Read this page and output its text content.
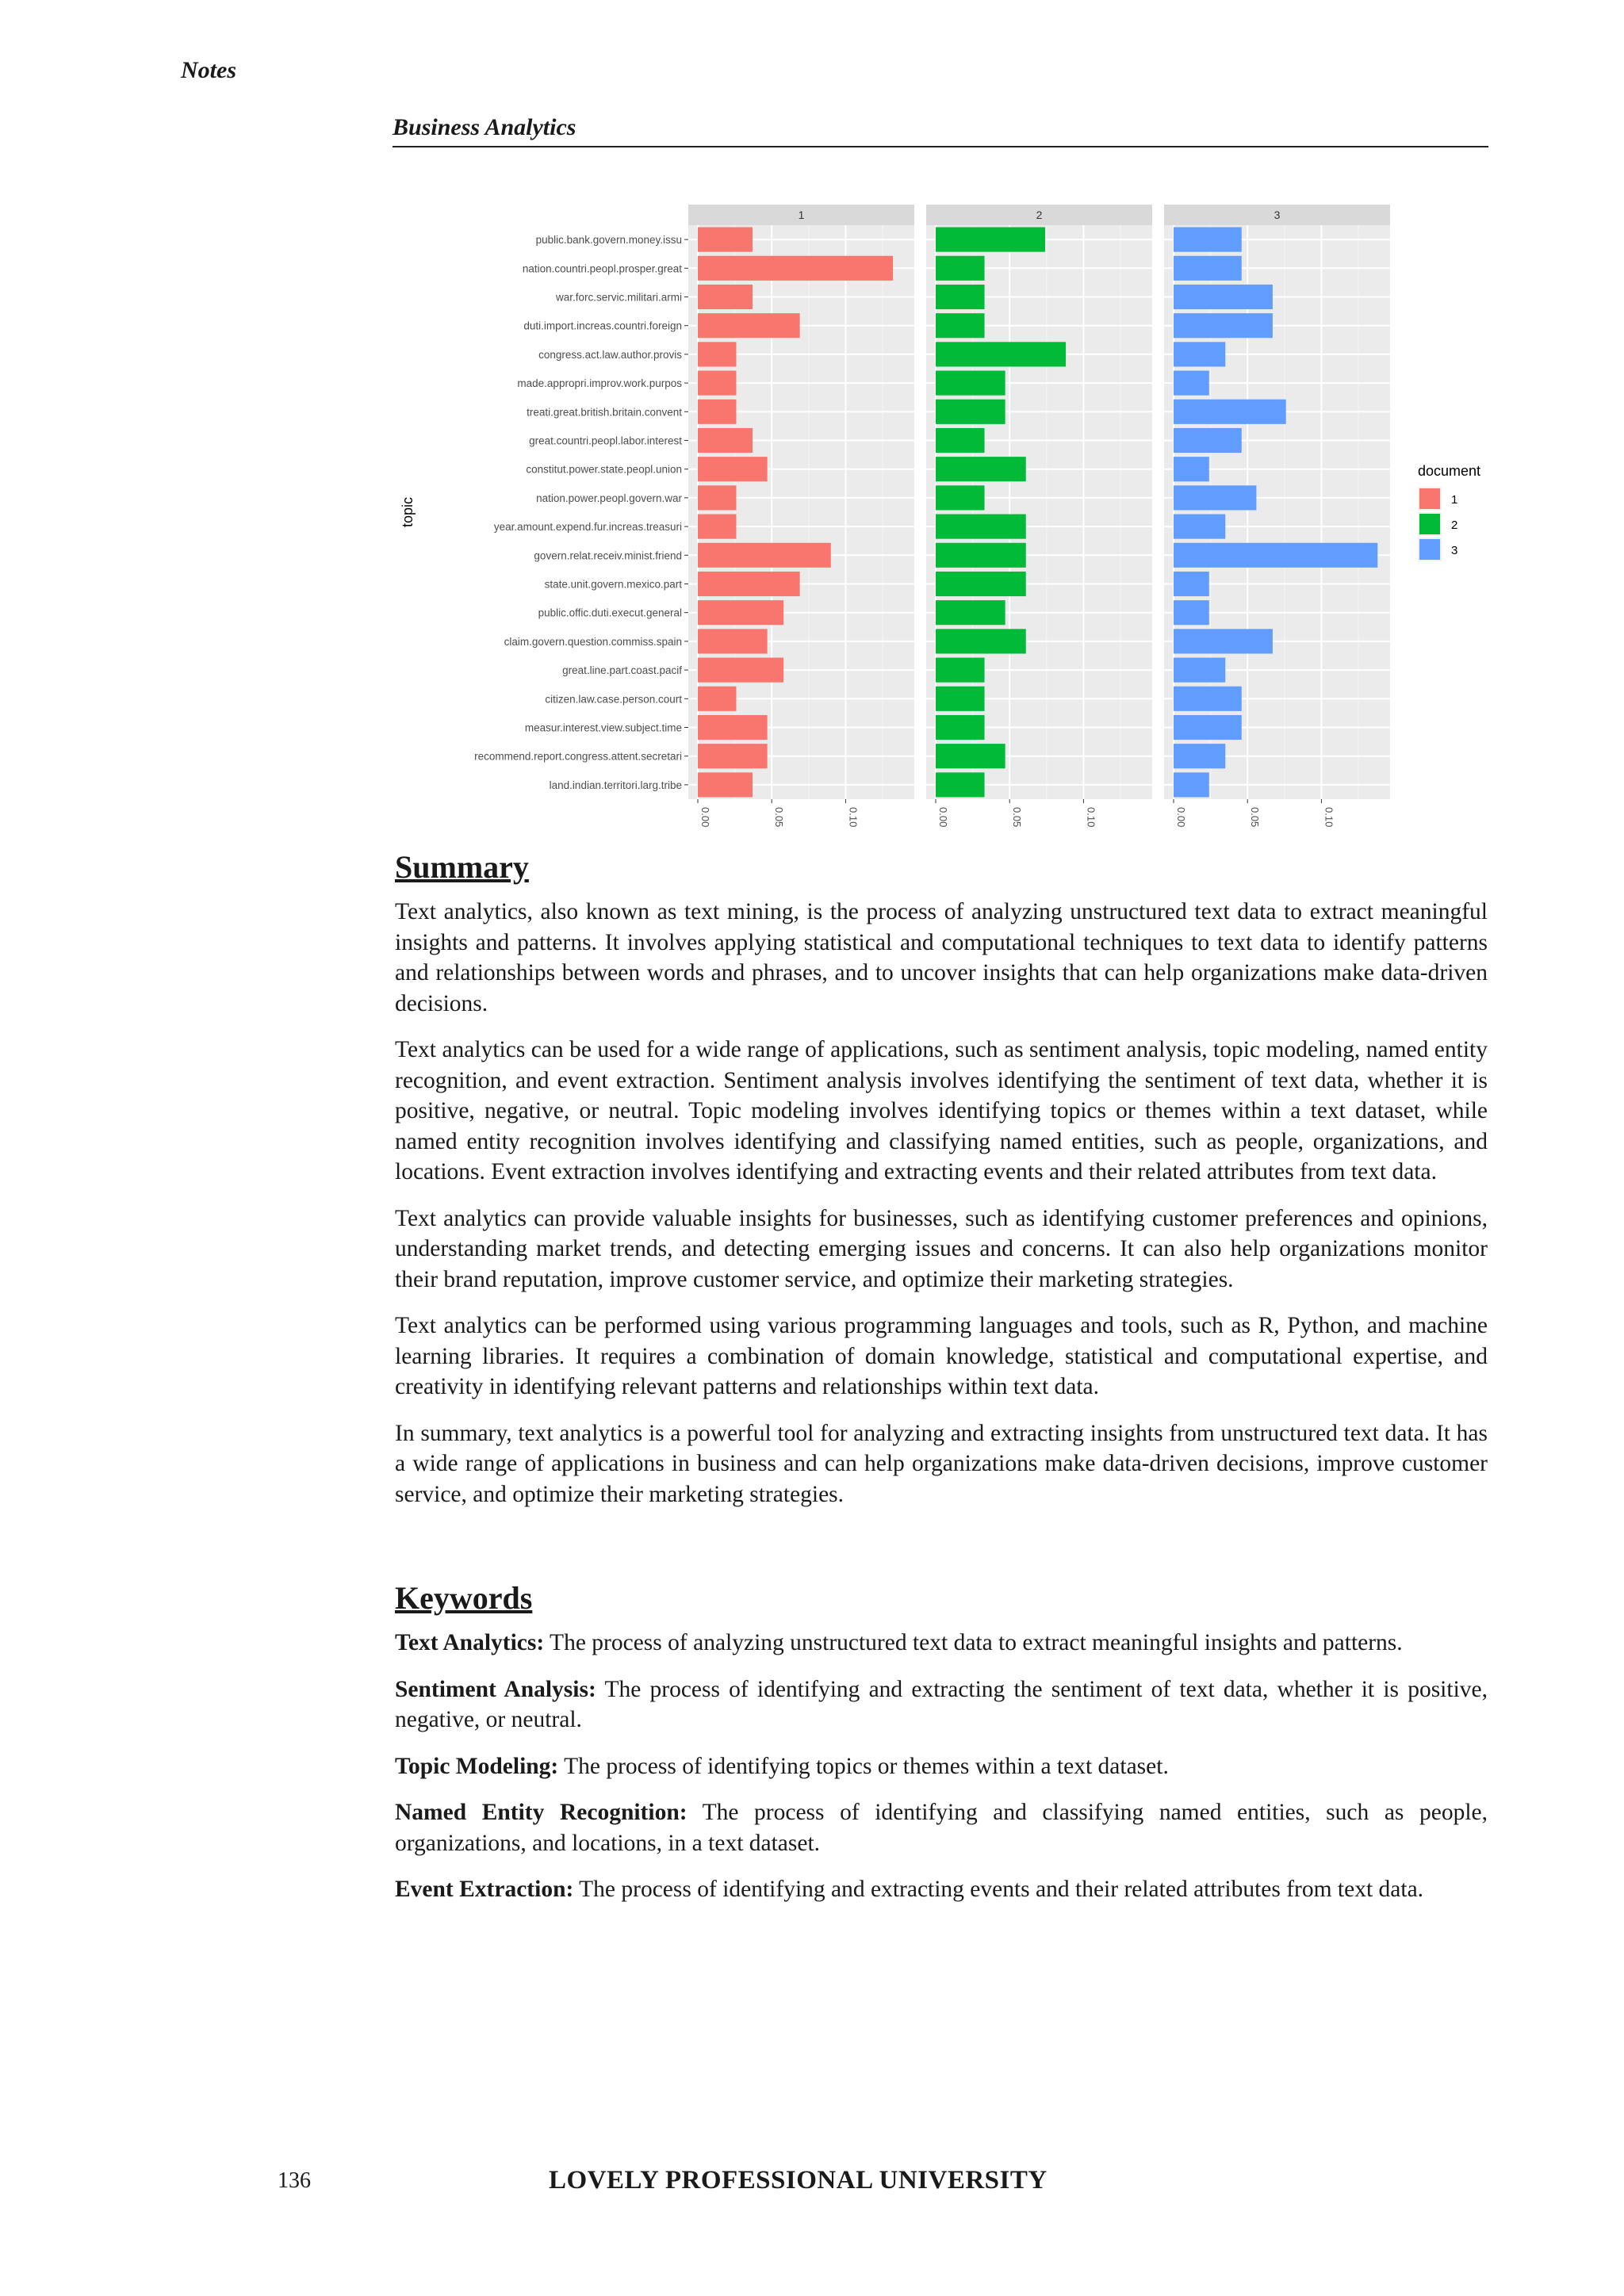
Notes
Business Analytics
1
0.00	0.05	0.10
2
0.00	0.05	0.10
3
0.00	0.05	0.10
public.bank.govern.money.issu
nation.countri.peopl.prosper.great
war.forc.servic.militari.armi
duti.import.increas.countri.foreign
congress.act.law.author.provis
made.appropri.improv.work.purpos
treati.great.british.britain.convent
great.countri.peopl.labor.interest
constitut.power.state.peopl.union
nation.power.peopl.govern.war
year.amount.expend.fur.increas.treasuri
govern.relat.receiv.minist.friend
state.unit.govern.mexico.part
public.offic.duti.execut.general
claim.govern.question.commiss.spain
great.line.part.coast.pacif
citizen.law.case.person.court
measur.interest.view.subject.time
recommend.report.congress.attent.secretari
land.indian.territori.larg.tribe
topic
document
1
2
3
Summary

Text analytics, also known as text mining, is the process of analyzing unstructured text data to extract meaningful insights and patterns. It involves applying statistical and computational techniques to text data to identify patterns and relationships between words and phrases, and to uncover insights that can help organizations make data-driven decisions.

Text analytics can be used for a wide range of applications, such as sentiment analysis, topic modeling, named entity recognition, and event extraction. Sentiment analysis involves identifying the sentiment of text data, whether it is positive, negative, or neutral. Topic modeling involves identifying topics or themes within a text dataset, while named entity recognition involves identifying and classifying named entities, such as people, organizations, and locations. Event extraction involves identifying and extracting events and their related attributes from text data.

Text analytics can provide valuable insights for businesses, such as identifying customer preferences and opinions, understanding market trends, and detecting emerging issues and concerns. It can also help organizations monitor their brand reputation, improve customer service, and optimize their marketing strategies.

Text analytics can be performed using various programming languages and tools, such as R, Python, and machine learning libraries. It requires a combination of domain knowledge, statistical and computational expertise, and creativity in identifying relevant patterns and relationships within text data.

In summary, text analytics is a powerful tool for analyzing and extracting insights from unstructured text data. It has a wide range of applications in business and can help organizations make data-driven decisions, improve customer service, and optimize their marketing strategies.

Keywords

Text Analytics: The process of analyzing unstructured text data to extract meaningful insights and patterns.

Sentiment Analysis: The process of identifying and extracting the sentiment of text data, whether it is positive, negative, or neutral.

Topic Modeling: The process of identifying topics or themes within a text dataset.

Named Entity Recognition: The process of identifying and classifying named entities, such as people, organizations, and locations, in a text dataset.

Event Extraction: The process of identifying and extracting events and their related attributes from text data.

136	LOVELY PROFESSIONAL UNIVERSITY
